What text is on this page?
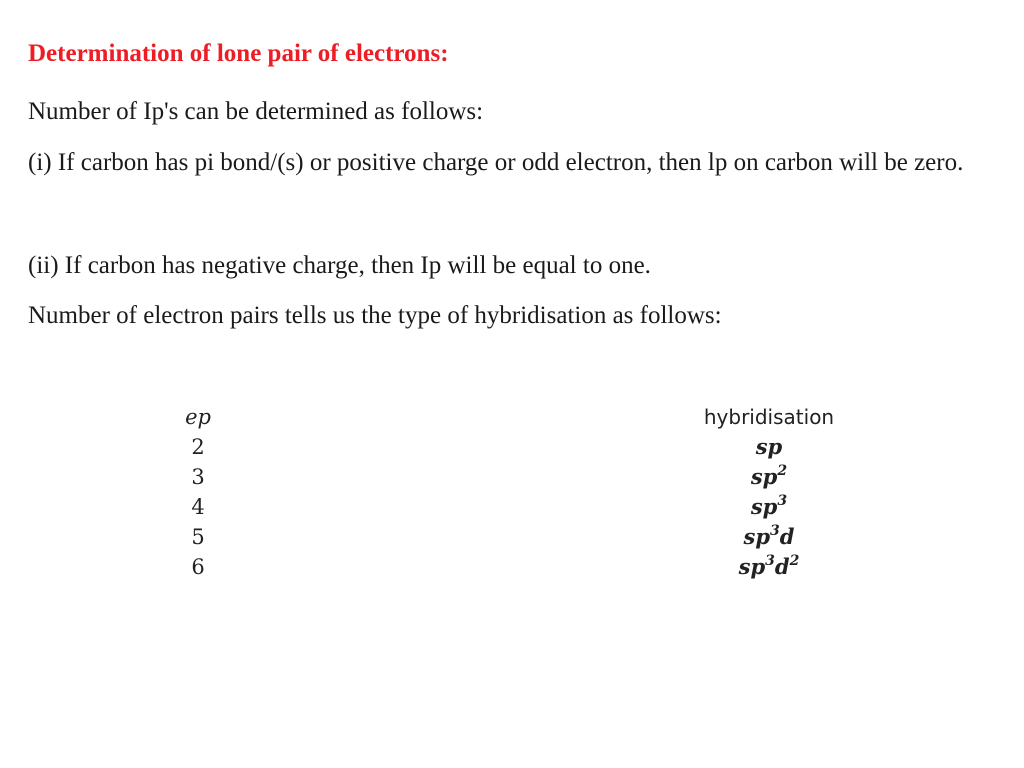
Determination of lone pair of electrons:

Number of Ip's can be determined as follows:

(i) If carbon has pi bond/(s) or positive charge or odd electron, then lp on carbon will be zero.

(ii) If carbon has negative charge, then Ip will be equal to one.

Number of electron pairs tells us the type of hybridisation as follows:

ep
2
3
4
5
6
hybridisation
sp
$sp^2$
$sp^3$
$sp^3d$
$sp^3d^2$
